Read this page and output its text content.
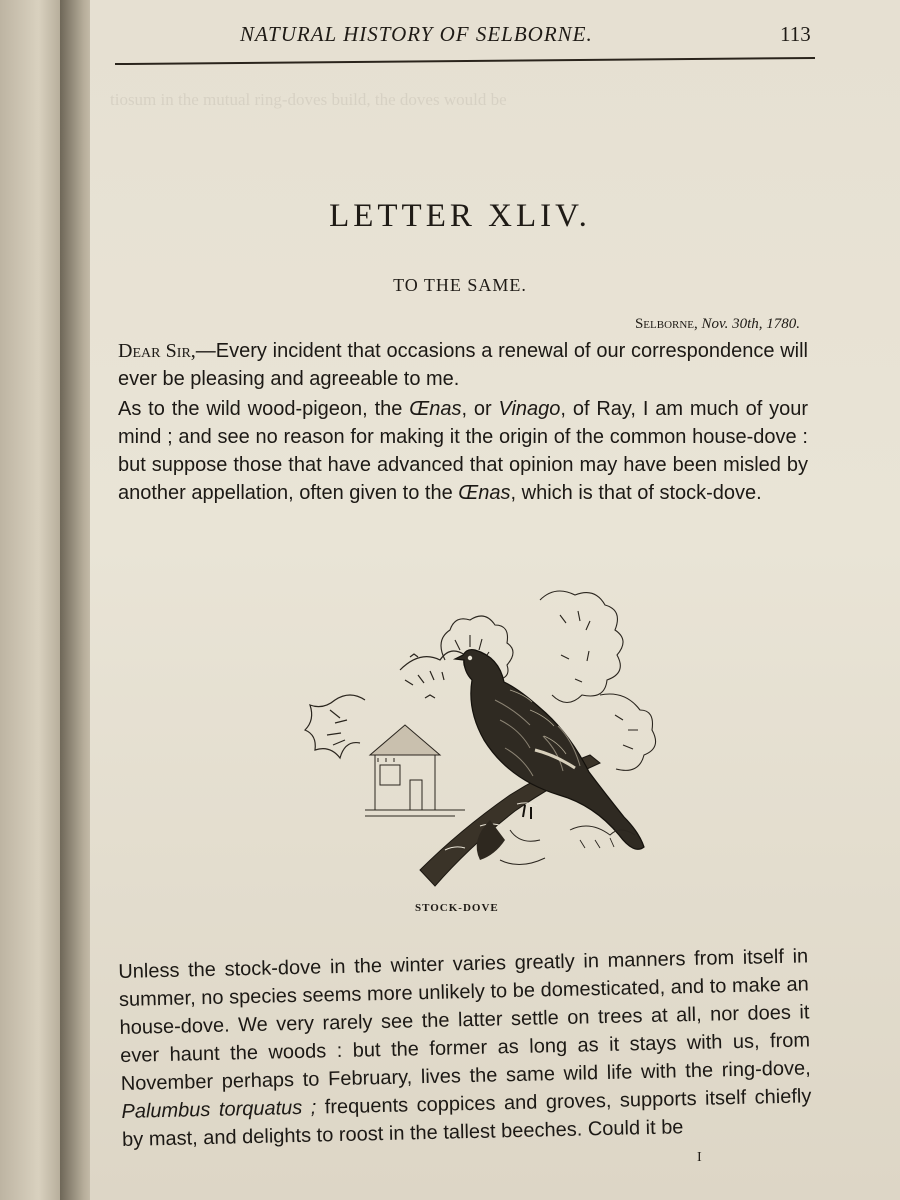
tiosum in the mutual ring-doves build, the doves would be
NATURAL HISTORY OF SELBORNE.	113
LETTER XLIV.
TO THE SAME.
Selborne, Nov. 30th, 1780.
Dear Sir,—Every incident that occasions a renewal of our correspondence will ever be pleasing and agreeable to me.
As to the wild wood-pigeon, the Œnas, or Vinago, of Ray, I am much of your mind ; and see no reason for making it the origin of the common house-dove : but suppose those that have advanced that opinion may have been misled by another appellation, often given to the Œnas, which is that of stock-dove.
STOCK-DOVE
Unless the stock-dove in the winter varies greatly in manners from itself in summer, no species seems more unlikely to be domesticated, and to make an house-dove. We very rarely see the latter settle on trees at all, nor does it ever haunt the woods : but the former as long as it stays with us, from November perhaps to February, lives the same wild life with the ring-dove, Palumbus torquatus ; frequents coppices and groves, supports itself chiefly by mast, and delights to roost in the tallest beeches. Could it be
I
